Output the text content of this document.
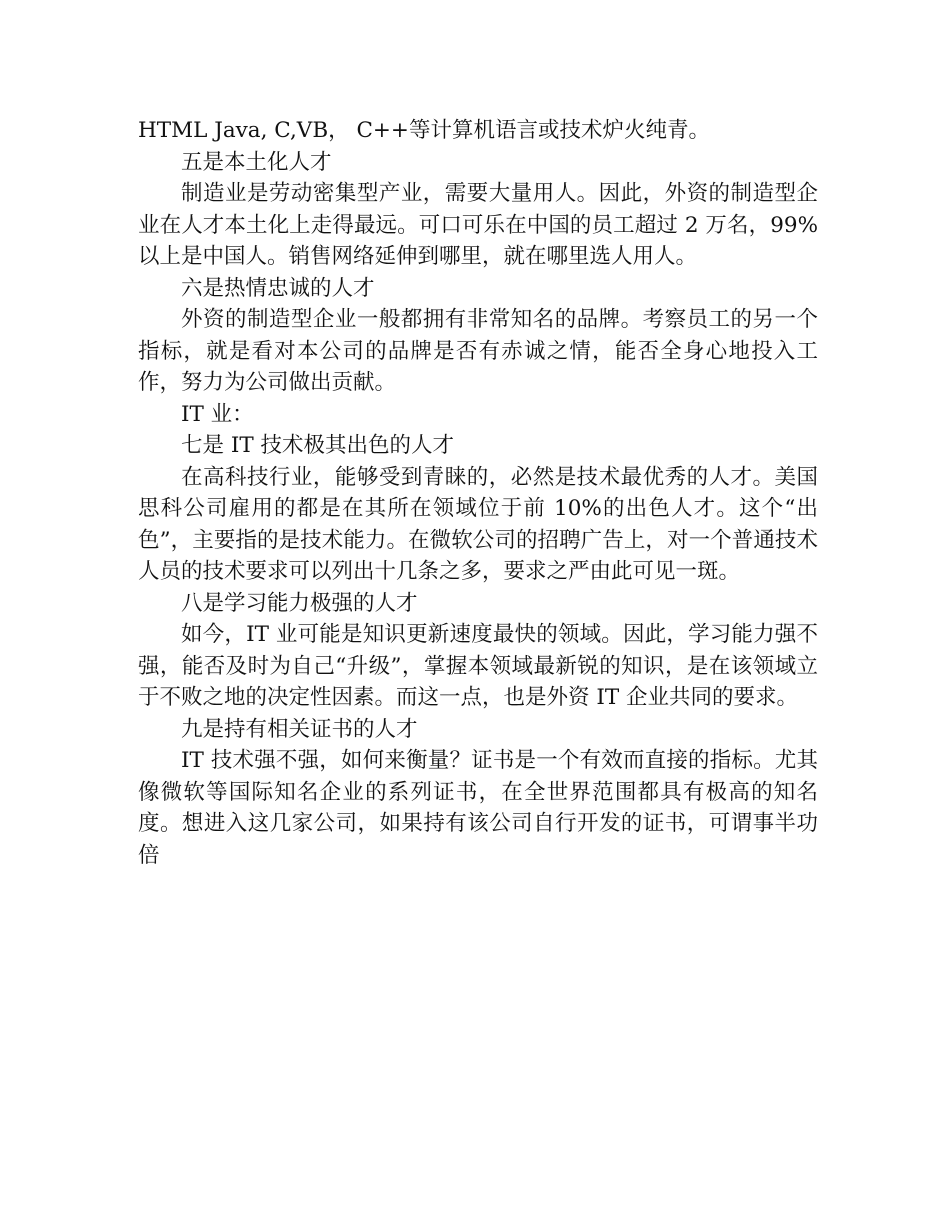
HTML Java, C,VB， C++等计算机语言或技术炉火纯青。

五是本土化人才

制造业是劳动密集型产业，需要大量用人。因此，外资的制造型企业在人才本土化上走得最远。可口可乐在中国的员工超过 2 万名，99%以上是中国人。销售网络延伸到哪里，就在哪里选人用人。

六是热情忠诚的人才

外资的制造型企业一般都拥有非常知名的品牌。考察员工的另一个指标，就是看对本公司的品牌是否有赤诚之情，能否全身心地投入工作，努力为公司做出贡献。

IT 业：

七是 IT 技术极其出色的人才

在高科技行业，能够受到青睐的，必然是技术最优秀的人才。美国思科公司雇用的都是在其所在领域位于前 10%的出色人才。这个“出色”，主要指的是技术能力。在微软公司的招聘广告上，对一个普通技术人员的技术要求可以列出十几条之多，要求之严由此可见一斑。

八是学习能力极强的人才

如今，IT 业可能是知识更新速度最快的领域。因此，学习能力强不强，能否及时为自己“升级”，掌握本领域最新锐的知识，是在该领域立于不败之地的决定性因素。而这一点，也是外资 IT 企业共同的要求。

九是持有相关证书的人才

IT 技术强不强，如何来衡量？证书是一个有效而直接的指标。尤其像微软等国际知名企业的系列证书，在全世界范围都具有极高的知名度。想进入这几家公司，如果持有该公司自行开发的证书，可谓事半功倍
